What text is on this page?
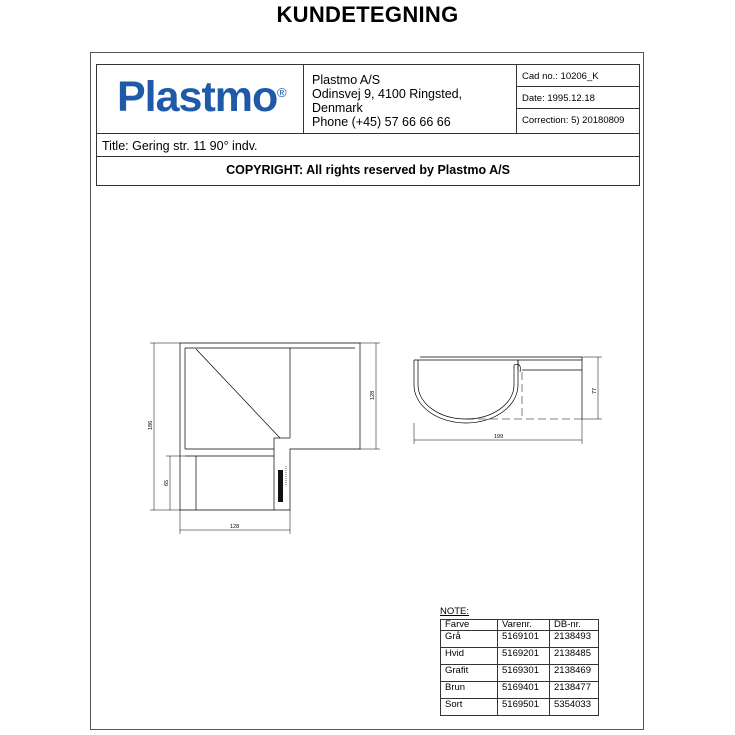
KUNDETEGNING
Plastmo ®
Plastmo A/S
Odinsvej 9, 4100 Ringsted, Denmark
Phone (+45) 57 66 66 66
Cad no.: 10206_K
Date: 1995.12.18
Correction: 5) 20180809
Title: Gering str. 11 90° indv.
COPYRIGHT: All rights reserved by Plastmo A/S
186
65
128
128
199
77
NOTE:
Farve	Varenr.	DB-nr.
Grå	5169101	2138493
Hvid	5169201	2138485
Grafit	5169301	2138469
Brun	5169401	2138477
Sort	5169501	5354033
